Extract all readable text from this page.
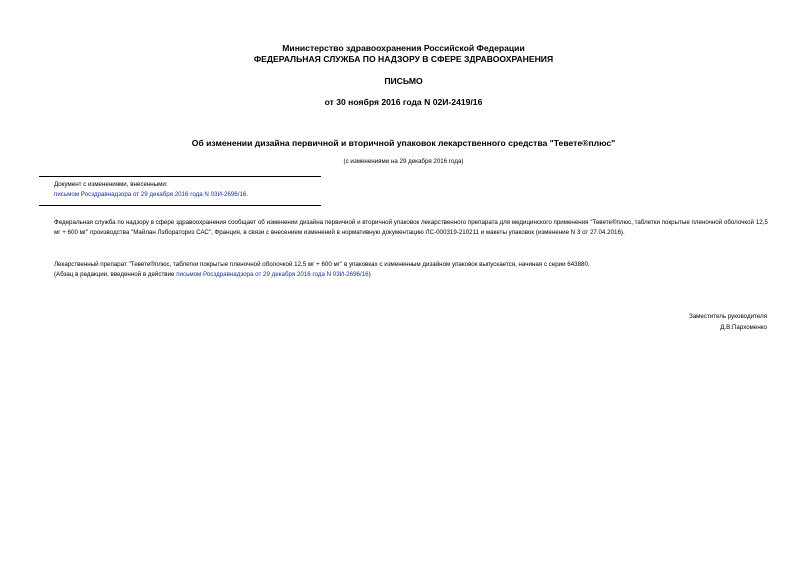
Министерство здравоохранения Российской Федерации
ФЕДЕРАЛЬНАЯ СЛУЖБА ПО НАДЗОРУ В СФЕРЕ ЗДРАВООХРАНЕНИЯ
ПИСЬМО
от 30 ноября 2016 года N 02И-2419/16
Об изменении дизайна первичной и вторичной упаковок лекарственного средства "Тевете®плюс"
(с изменениями на 29 декабря 2016 года)
Документ с изменениями, внесенными:
письмом Росздравнадзора от 29 декабря 2016 года N 03И-2696/16.
Федеральная служба по надзору в сфере здравоохранения сообщает об изменении дизайна первичной и вторичной упаковок лекарственного препарата для медицинского применения "Тевете®плюс, таблетки покрытые пленочной оболочкой 12,5 мг + 600 мг" производства "Майлан Лэбораториз САС", Франция, в связи с внесением изменений в нормативную документацию ЛС-000319-210211 и макеты упаковок (изменение N 3 от 27.04.2016).
Лекарственный препарат "Тевете®плюс, таблетки покрытые пленочной оболочкой 12,5 мг + 600 мг" в упаковках с измененным дизайном упаковок выпускается, начиная с серии 643880.
(Абзац в редакции, введенной в действие письмом Росздравнадзора от 29 декабря 2016 года N 03И-2696/16)
Заместитель руководителя
Д.В.Пархоменко
